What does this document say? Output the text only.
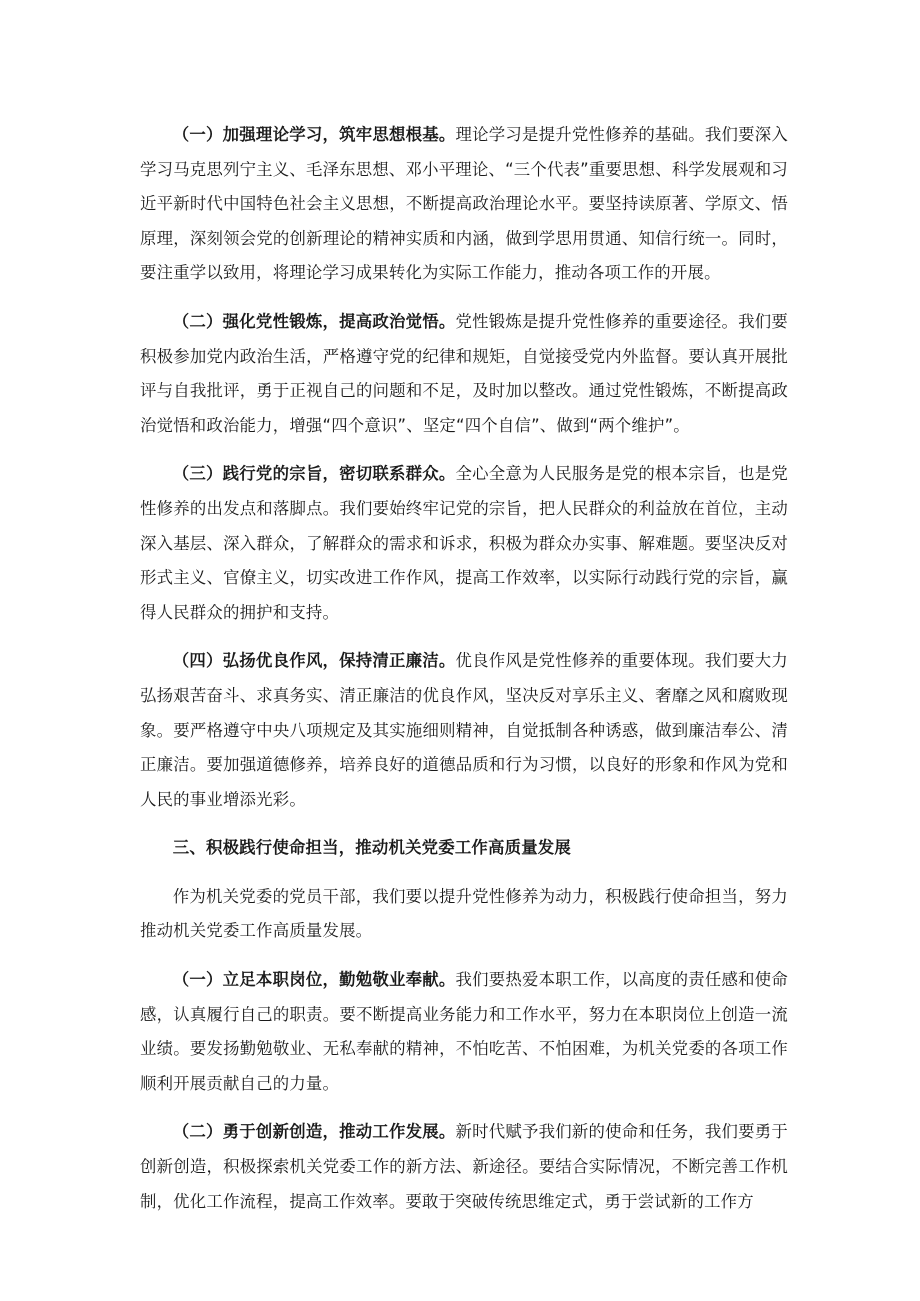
（一）加强理论学习，筑牢思想根基。理论学习是提升党性修养的基础。我们要深入学习马克思列宁主义、毛泽东思想、邓小平理论、“三个代表”重要思想、科学发展观和习近平新时代中国特色社会主义思想，不断提高政治理论水平。要坚持读原著、学原文、悟原理，深刻领会党的创新理论的精神实质和内涵，做到学思用贯通、知信行统一。同时，要注重学以致用，将理论学习成果转化为实际工作能力，推动各项工作的开展。

（二）强化党性锻炼，提高政治觉悟。党性锻炼是提升党性修养的重要途径。我们要积极参加党内政治生活，严格遵守党的纪律和规矩，自觉接受党内外监督。要认真开展批评与自我批评，勇于正视自己的问题和不足，及时加以整改。通过党性锻炼，不断提高政治觉悟和政治能力，增强“四个意识”、坚定“四个自信”、做到“两个维护”。

（三）践行党的宗旨，密切联系群众。全心全意为人民服务是党的根本宗旨，也是党性修养的出发点和落脚点。我们要始终牢记党的宗旨，把人民群众的利益放在首位，主动深入基层、深入群众，了解群众的需求和诉求，积极为群众办实事、解难题。要坚决反对形式主义、官僚主义，切实改进工作作风，提高工作效率，以实际行动践行党的宗旨，赢得人民群众的拥护和支持。

（四）弘扬优良作风，保持清正廉洁。优良作风是党性修养的重要体现。我们要大力弘扬艰苦奋斗、求真务实、清正廉洁的优良作风，坚决反对享乐主义、奢靡之风和腐败现象。要严格遵守中央八项规定及其实施细则精神，自觉抵制各种诱惑，做到廉洁奉公、清正廉洁。要加强道德修养，培养良好的道德品质和行为习惯，以良好的形象和作风为党和人民的事业增添光彩。

三、积极践行使命担当，推动机关党委工作高质量发展

作为机关党委的党员干部，我们要以提升党性修养为动力，积极践行使命担当，努力推动机关党委工作高质量发展。

（一）立足本职岗位，勤勉敬业奉献。我们要热爱本职工作，以高度的责任感和使命感，认真履行自己的职责。要不断提高业务能力和工作水平，努力在本职岗位上创造一流业绩。要发扬勤勉敬业、无私奉献的精神，不怕吃苦、不怕困难，为机关党委的各项工作顺利开展贡献自己的力量。

（二）勇于创新创造，推动工作发展。新时代赋予我们新的使命和任务，我们要勇于创新创造，积极探索机关党委工作的新方法、新途径。要结合实际情况，不断完善工作机制，优化工作流程，提高工作效率。要敢于突破传统思维定式，勇于尝试新的工作方
